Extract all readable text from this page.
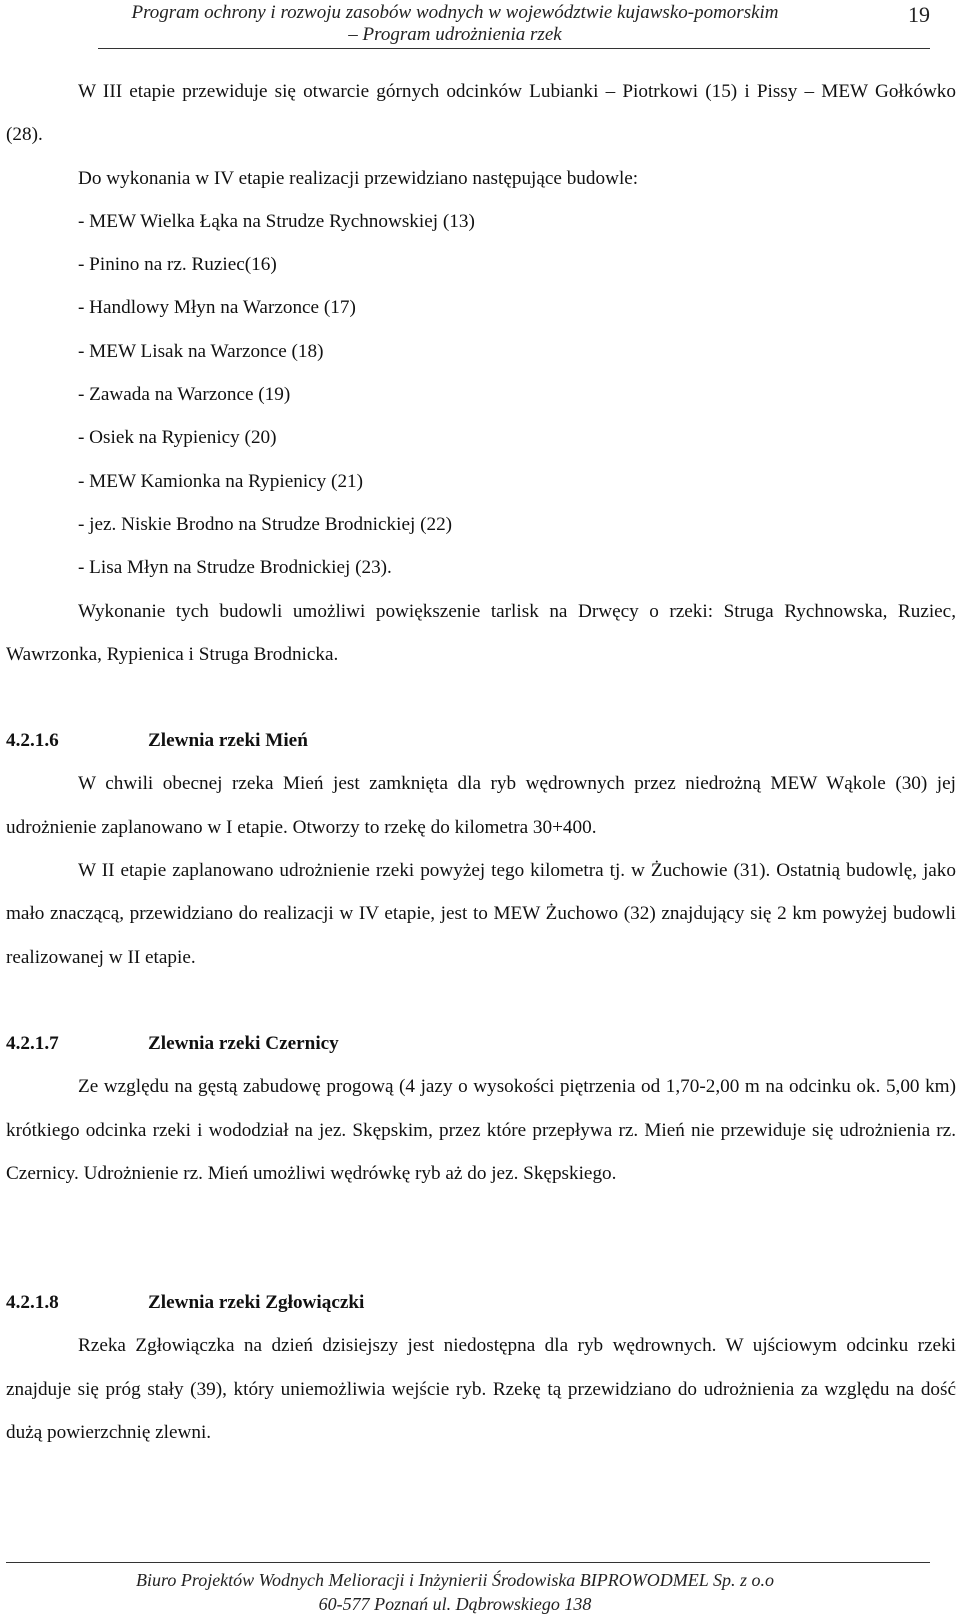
Program ochrony i rozwoju zasobów wodnych w województwie kujawsko-pomorskim
– Program udrożnienia rzek
19

W III etapie przewiduje się otwarcie górnych odcinków Lubianki – Piotrkowi (15) i Pissy – MEW Gołkówko (28).

Do wykonania w IV etapie realizacji przewidziano następujące budowle:

- MEW Wielka Łąka na Strudze Rychnowskiej (13)

- Pinino na rz. Ruziec(16)

- Handlowy Młyn na Warzonce (17)

- MEW Lisak na Warzonce (18)

- Zawada na Warzonce (19)

- Osiek na Rypienicy (20)

- MEW Kamionka na Rypienicy (21)

- jez. Niskie Brodno na Strudze Brodnickiej (22)

- Lisa Młyn na Strudze Brodnickiej (23).

Wykonanie tych budowli umożliwi powiększenie tarlisk na Drwęcy o rzeki: Struga Rychnowska, Ruziec, Wawrzonka, Rypienica i Struga Brodnicka.

4.2.1.6	Zlewnia rzeki Mień

W chwili obecnej rzeka Mień jest zamknięta dla ryb wędrownych przez niedrożną MEW Wąkole (30) jej udrożnienie zaplanowano w I etapie. Otworzy to rzekę do kilometra 30+400.

W II etapie zaplanowano udrożnienie rzeki powyżej tego kilometra tj. w Żuchowie (31). Ostatnią budowlę, jako mało znaczącą, przewidziano do realizacji w IV etapie, jest to MEW Żuchowo (32) znajdujący się 2 km powyżej budowli realizowanej w II etapie.

4.2.1.7	Zlewnia rzeki Czernicy

Ze względu na gęstą zabudowę progową (4 jazy o wysokości piętrzenia od 1,70-2,00 m na odcinku ok. 5,00 km) krótkiego odcinka rzeki i wododział na jez. Skępskim, przez które przepływa rz. Mień nie przewiduje się udrożnienia rz. Czernicy. Udrożnienie rz. Mień umożliwi wędrówkę ryb aż do jez. Skępskiego.

4.2.1.8	Zlewnia rzeki Zgłowiączki

Rzeka Zgłowiączka na dzień dzisiejszy jest niedostępna dla ryb wędrownych. W ujściowym odcinku rzeki znajduje się próg stały (39), który uniemożliwia wejście ryb. Rzekę tą przewidziano do udrożnienia za względu na dość dużą powierzchnię zlewni.

Biuro Projektów Wodnych Melioracji i Inżynierii Środowiska BIPROWODMEL Sp. z o.o
60-577 Poznań ul. Dąbrowskiego 138
